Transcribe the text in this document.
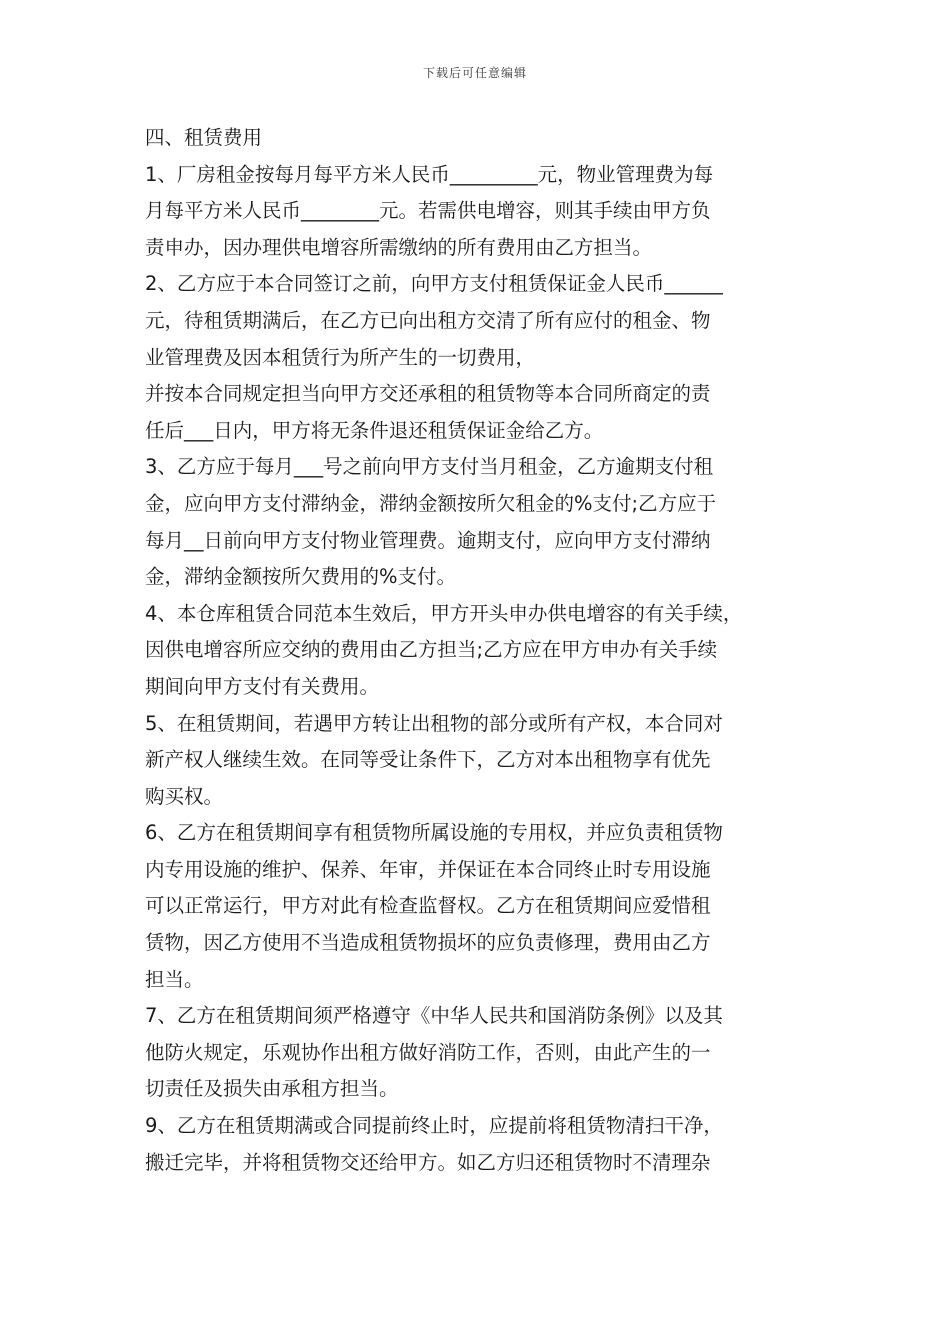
下载后可任意编辑
四、租赁费用
1、厂房租金按每月每平方米人民币_________元，物业管理费为每
月每平方米人民币________元。若需供电增容，则其手续由甲方负
责申办，因办理供电增容所需缴纳的所有费用由乙方担当。
2、乙方应于本合同签订之前，向甲方支付租赁保证金人民币______
元，待租赁期满后，在乙方已向出租方交清了所有应付的租金、物
业管理费及因本租赁行为所产生的一切费用，
并按本合同规定担当向甲方交还承租的租赁物等本合同所商定的责
任后___日内，甲方将无条件退还租赁保证金给乙方。
3、乙方应于每月___号之前向甲方支付当月租金，乙方逾期支付租
金，应向甲方支付滞纳金，滞纳金额按所欠租金的%支付;乙方应于
每月__日前向甲方支付物业管理费。逾期支付，应向甲方支付滞纳
金，滞纳金额按所欠费用的%支付。
4、本仓库租赁合同范本生效后，甲方开头申办供电增容的有关手续，
因供电增容所应交纳的费用由乙方担当;乙方应在甲方申办有关手续
期间向甲方支付有关费用。
5、在租赁期间，若遇甲方转让出租物的部分或所有产权，本合同对
新产权人继续生效。在同等受让条件下，乙方对本出租物享有优先
购买权。
6、乙方在租赁期间享有租赁物所属设施的专用权，并应负责租赁物
内专用设施的维护、保养、年审，并保证在本合同终止时专用设施
可以正常运行，甲方对此有检查监督权。乙方在租赁期间应爱惜租
赁物，因乙方使用不当造成租赁物损坏的应负责修理，费用由乙方
担当。
7、乙方在租赁期间须严格遵守《中华人民共和国消防条例》以及其
他防火规定，乐观协作出租方做好消防工作，否则，由此产生的一
切责任及损失由承租方担当。
9、乙方在租赁期满或合同提前终止时，应提前将租赁物清扫干净，
搬迁完毕，并将租赁物交还给甲方。如乙方归还租赁物时不清理杂
